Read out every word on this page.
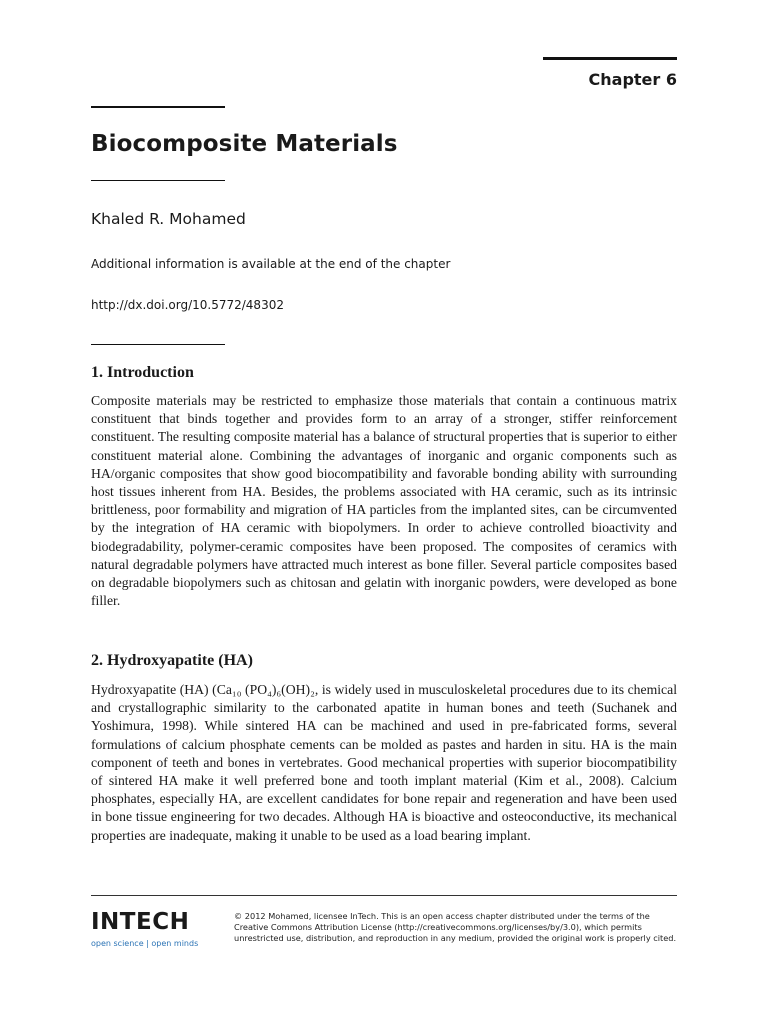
Chapter 6
Biocomposite Materials
Khaled R. Mohamed
Additional information is available at the end of the chapter
http://dx.doi.org/10.5772/48302
1. Introduction

Composite materials may be restricted to emphasize those materials that contain a continuous matrix constituent that binds together and provides form to an array of a stronger, stiffer reinforcement constituent. The resulting composite material has a balance of structural properties that is superior to either constituent material alone. Combining the advantages of inorganic and organic components such as HA/organic composites that show good biocompatibility and favorable bonding ability with surrounding host tissues inherent from HA. Besides, the problems associated with HA ceramic, such as its intrinsic brittleness, poor formability and migration of HA particles from the implanted sites, can be circumvented by the integration of HA ceramic with biopolymers. In order to achieve controlled bioactivity and biodegradability, polymer-ceramic composites have been proposed. The composites of ceramics with natural degradable polymers have attracted much interest as bone filler. Several particle composites based on degradable biopolymers such as chitosan and gelatin with inorganic powders, were developed as bone filler.

2. Hydroxyapatite (HA)

Hydroxyapatite (HA) (Ca₁₀ (PO₄)₆(OH)₂, is widely used in musculoskeletal procedures due to its chemical and crystallographic similarity to the carbonated apatite in human bones and teeth (Suchanek and Yoshimura, 1998). While sintered HA can be machined and used in pre-fabricated forms, several formulations of calcium phosphate cements can be molded as pastes and harden in situ. HA is the main component of teeth and bones in vertebrates. Good mechanical properties with superior biocompatibility of sintered HA make it well preferred bone and tooth implant material (Kim et al., 2008). Calcium phosphates, especially HA, are excellent candidates for bone repair and regeneration and have been used in bone tissue engineering for two decades. Although HA is bioactive and osteoconductive, its mechanical properties are inadequate, making it unable to be used as a load bearing implant.

INTECH
open science | open minds
© 2012 Mohamed, licensee InTech. This is an open access chapter distributed under the terms of the Creative Commons Attribution License (http://creativecommons.org/licenses/by/3.0), which permits unrestricted use, distribution, and reproduction in any medium, provided the original work is properly cited.
